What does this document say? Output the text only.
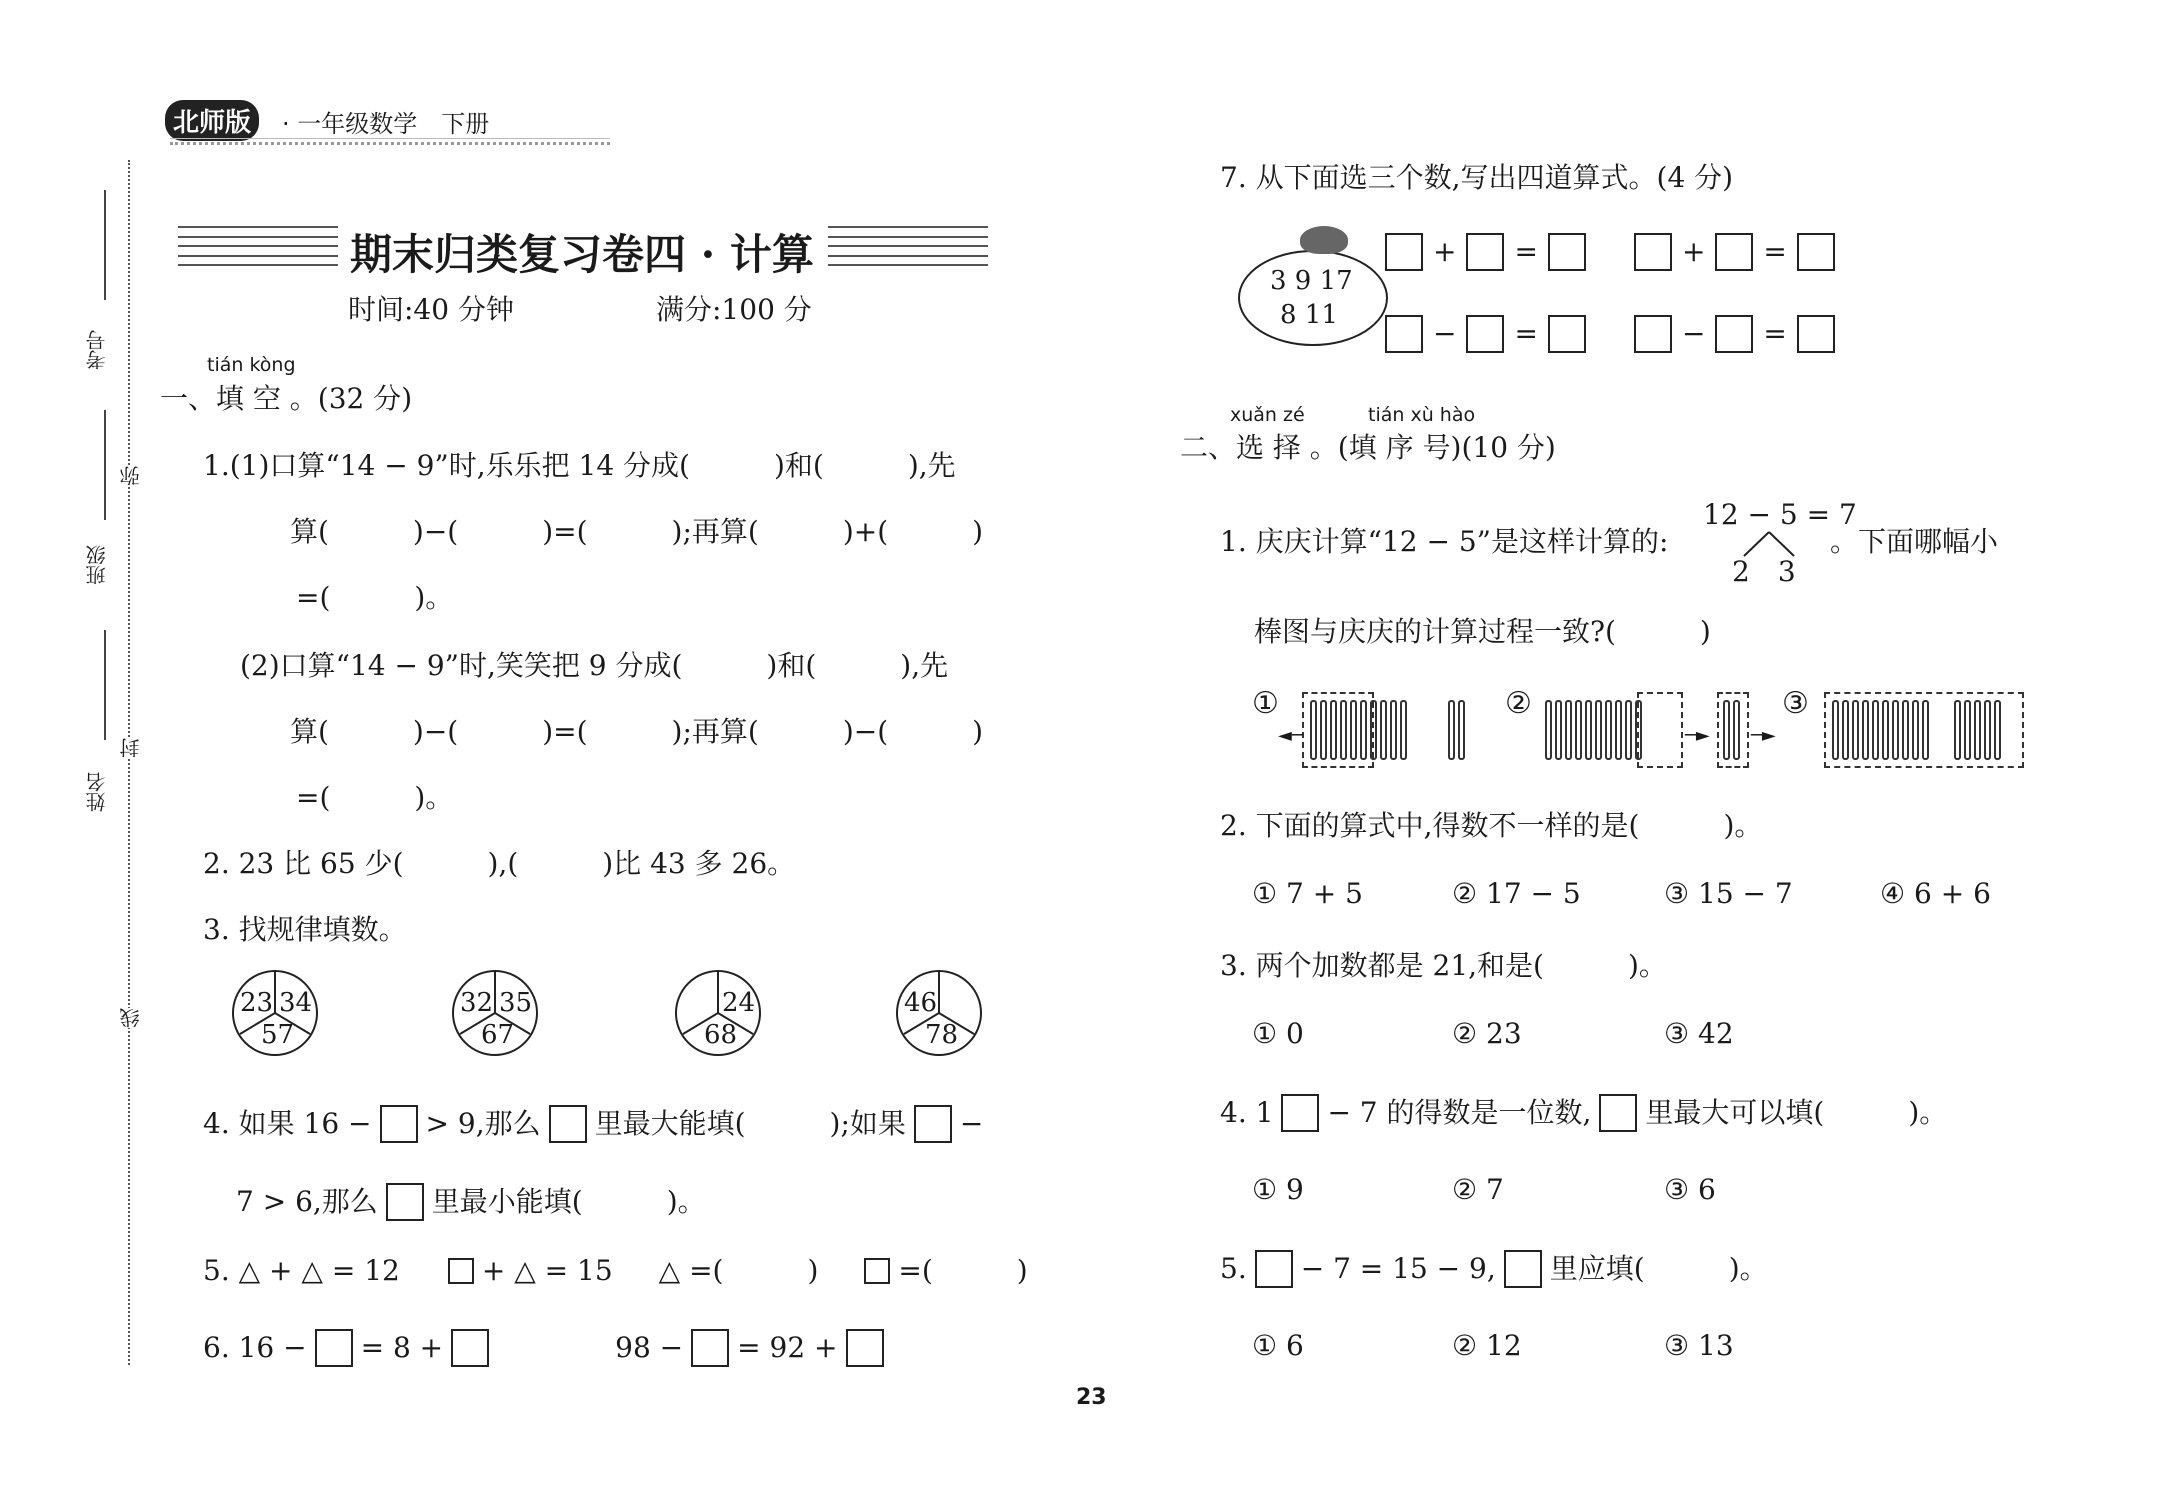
北师版	· 一年级数学　下册
考号
班级
姓名
弥
封
线
期末归类复习卷四 · 计算
时间:40 分钟	满分:100 分
tián kòng
一、填 空 。(32 分)
1.(1)口算“14 − 9”时,乐乐把 14 分成(　　　)和(　　　),先
算(　　　)−(　　　)=(　　　);再算(　　　)+(　　　)
=(　　　)。
(2)口算“14 − 9”时,笑笑把 9 分成(　　　)和(　　　),先
算(　　　)−(　　　)=(　　　);再算(　　　)−(　　　)
=(　　　)。
2. 23 比 65 少(　　　),(　　　)比 43 多 26。
3. 找规律填数。
23 34
57
32 35
67
24
68
46
78
4. 如果 16 − > 9,那么 里最大能填(　　　);如果 −
7 > 6,那么 里最小能填(　　　)。
5. △ + △ = 12	+ △ = 15 △ =(　　　)	=(　　　)
6. 16 − = 8 +	98 − = 92 +
7. 从下面选三个数,写出四道算式。(4 分)
3 9 17
8 11
+ =	+ =
− =	− =
xuǎn zé	tián xù hào
二、选 择 。(填 序 号)(10 分)
1. 庆庆计算“12 − 5”是这样计算的:
12 − 5 = 7
2　3
。下面哪幅小
棒图与庆庆的计算过程一致?(　　　)
①
◄─
②
─► ─►
③
2. 下面的算式中,得数不一样的是(　　　)。
① 7 + 5	② 17 − 5	③ 15 − 7	④ 6 + 6
3. 两个加数都是 21,和是(　　　)。
① 0	② 23	③ 42
4. 1 − 7 的得数是一位数, 里最大可以填(　　　)。
① 9	② 7	③ 6
5. − 7 = 15 − 9, 里应填(　　　)。
① 6	② 12	③ 13
23
